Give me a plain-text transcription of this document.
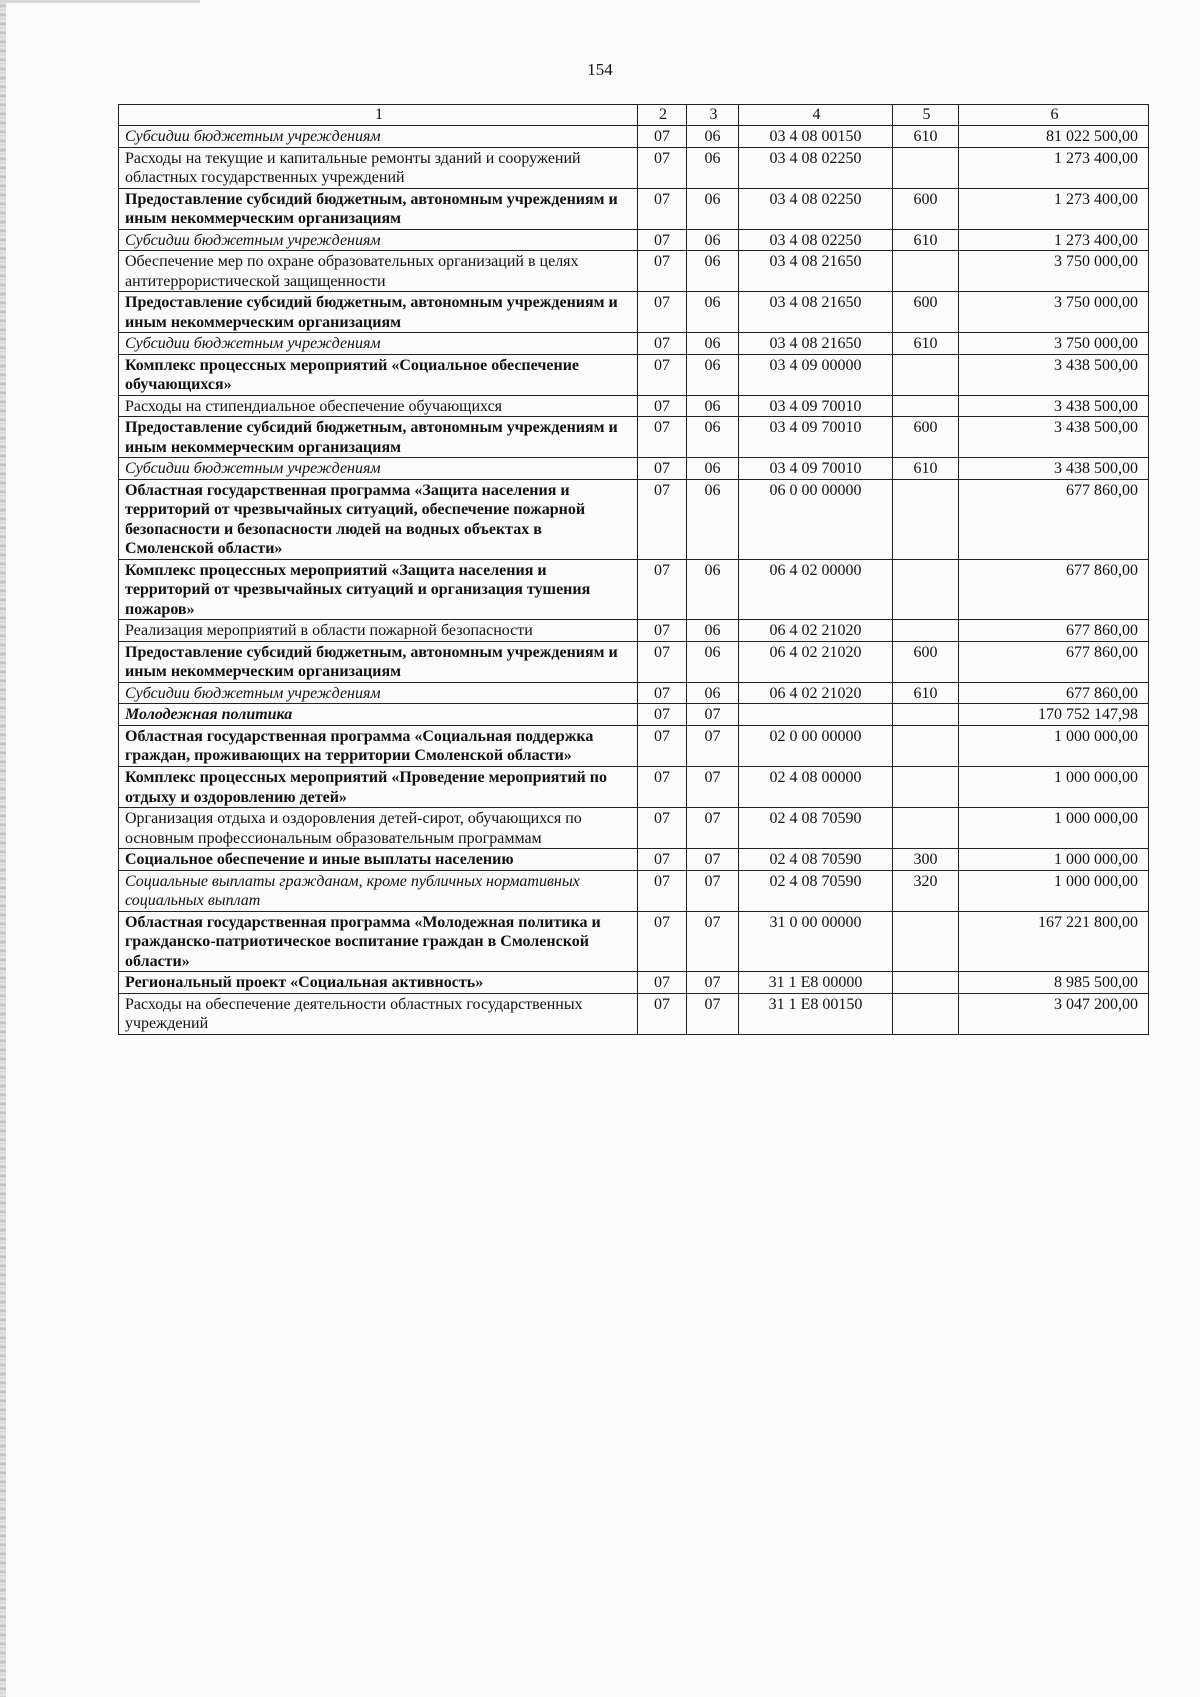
154
1	2	3	4	5	6
Субсидии бюджетным учреждениям	07	06	03 4 08 00150	610	81 022 500,00
Расходы на текущие и капитальные ремонты зданий и сооружений областных государственных учреждений	07	06	03 4 08 02250		1 273 400,00
Предоставление субсидий бюджетным, автономным учреждениям и иным некоммерческим организациям	07	06	03 4 08 02250	600	1 273 400,00
Субсидии бюджетным учреждениям	07	06	03 4 08 02250	610	1 273 400,00
Обеспечение мер по охране образовательных организаций в целях антитеррористической защищенности	07	06	03 4 08 21650		3 750 000,00
Предоставление субсидий бюджетным, автономным учреждениям и иным некоммерческим организациям	07	06	03 4 08 21650	600	3 750 000,00
Субсидии бюджетным учреждениям	07	06	03 4 08 21650	610	3 750 000,00
Комплекс процессных мероприятий «Социальное обеспечение обучающихся»	07	06	03 4 09 00000		3 438 500,00
Расходы на стипендиальное обеспечение обучающихся	07	06	03 4 09 70010		3 438 500,00
Предоставление субсидий бюджетным, автономным учреждениям и иным некоммерческим организациям	07	06	03 4 09 70010	600	3 438 500,00
Субсидии бюджетным учреждениям	07	06	03 4 09 70010	610	3 438 500,00
Областная государственная программа «Защита населения и территорий от чрезвычайных ситуаций, обеспечение пожарной безопасности и безопасности людей на водных объектах в Смоленской области»	07	06	06 0 00 00000		677 860,00
Комплекс процессных мероприятий «Защита населения и территорий от чрезвычайных ситуаций и организация тушения пожаров»	07	06	06 4 02 00000		677 860,00
Реализация мероприятий в области пожарной безопасности	07	06	06 4 02 21020		677 860,00
Предоставление субсидий бюджетным, автономным учреждениям и иным некоммерческим организациям	07	06	06 4 02 21020	600	677 860,00
Субсидии бюджетным учреждениям	07	06	06 4 02 21020	610	677 860,00
Молодежная политика	07	07			170 752 147,98
Областная государственная программа «Социальная поддержка граждан, проживающих на территории Смоленской области»	07	07	02 0 00 00000		1 000 000,00
Комплекс процессных мероприятий «Проведение мероприятий по отдыху и оздоровлению детей»	07	07	02 4 08 00000		1 000 000,00
Организация отдыха и оздоровления детей-сирот, обучающихся по основным профессиональным образовательным программам	07	07	02 4 08 70590		1 000 000,00
Социальное обеспечение и иные выплаты населению	07	07	02 4 08 70590	300	1 000 000,00
Социальные выплаты гражданам, кроме публичных нормативных социальных выплат	07	07	02 4 08 70590	320	1 000 000,00
Областная государственная программа «Молодежная политика и гражданско-патриотическое воспитание граждан в Смоленской области»	07	07	31 0 00 00000		167 221 800,00
Региональный проект «Социальная активность»	07	07	31 1 E8 00000		8 985 500,00
Расходы на обеспечение деятельности областных государственных учреждений	07	07	31 1 E8 00150		3 047 200,00
